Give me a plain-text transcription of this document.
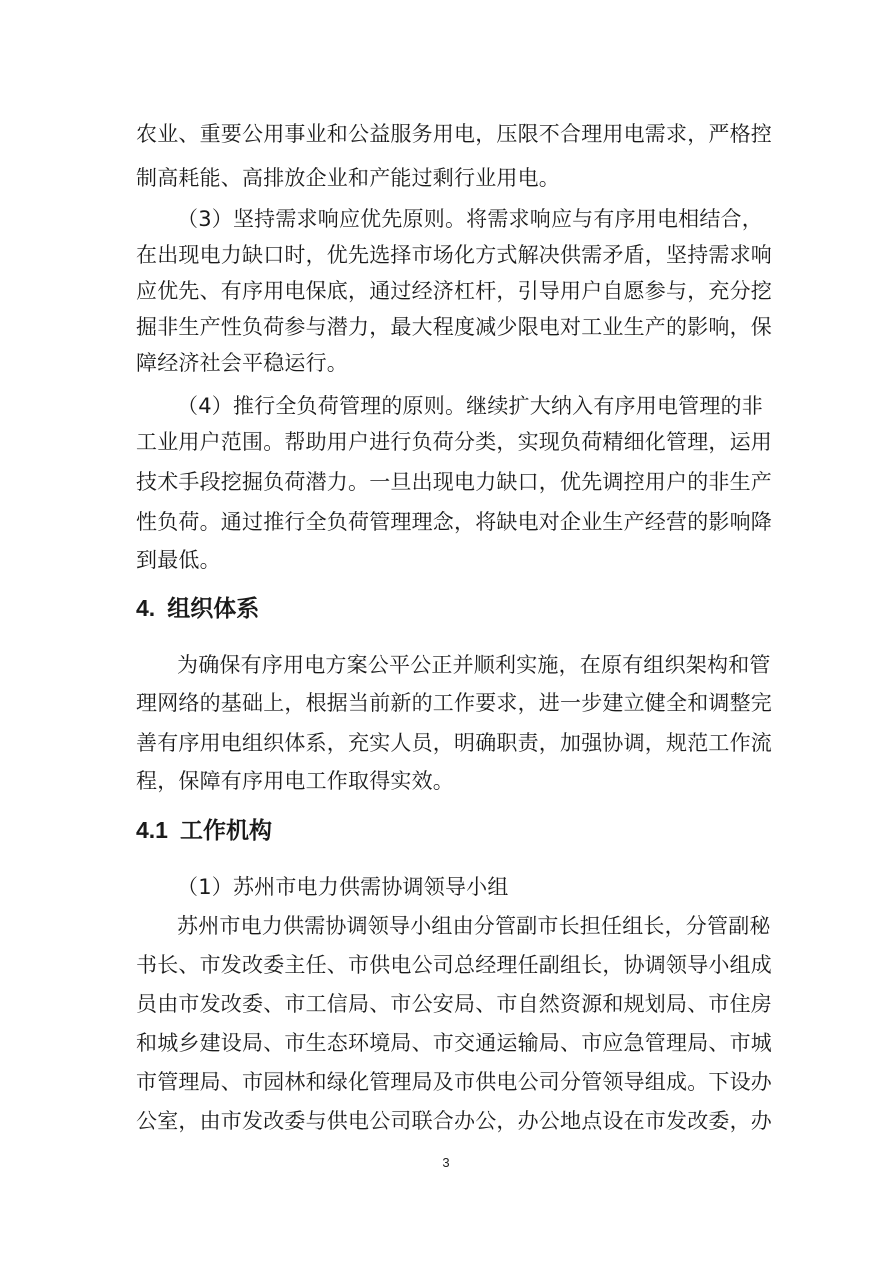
农业、重要公用事业和公益服务用电，压限不合理用电需求，严格控
制高耗能、高排放企业和产能过剩行业用电。
（3）坚持需求响应优先原则。将需求响应与有序用电相结合，
在出现电力缺口时，优先选择市场化方式解决供需矛盾，坚持需求响
应优先、有序用电保底，通过经济杠杆，引导用户自愿参与，充分挖
掘非生产性负荷参与潜力，最大程度减少限电对工业生产的影响，保
障经济社会平稳运行。
（4）推行全负荷管理的原则。继续扩大纳入有序用电管理的非
工业用户范围。帮助用户进行负荷分类，实现负荷精细化管理，运用
技术手段挖掘负荷潜力。一旦出现电力缺口，优先调控用户的非生产
性负荷。通过推行全负荷管理理念，将缺电对企业生产经营的影响降
到最低。
4. 组织体系
为确保有序用电方案公平公正并顺利实施，在原有组织架构和管
理网络的基础上，根据当前新的工作要求，进一步建立健全和调整完
善有序用电组织体系，充实人员，明确职责，加强协调，规范工作流
程，保障有序用电工作取得实效。
4.1 工作机构
（1）苏州市电力供需协调领导小组
苏州市电力供需协调领导小组由分管副市长担任组长，分管副秘
书长、市发改委主任、市供电公司总经理任副组长，协调领导小组成
员由市发改委、市工信局、市公安局、市自然资源和规划局、市住房
和城乡建设局、市生态环境局、市交通运输局、市应急管理局、市城
市管理局、市园林和绿化管理局及市供电公司分管领导组成。下设办
公室，由市发改委与供电公司联合办公，办公地点设在市发改委，办
3
